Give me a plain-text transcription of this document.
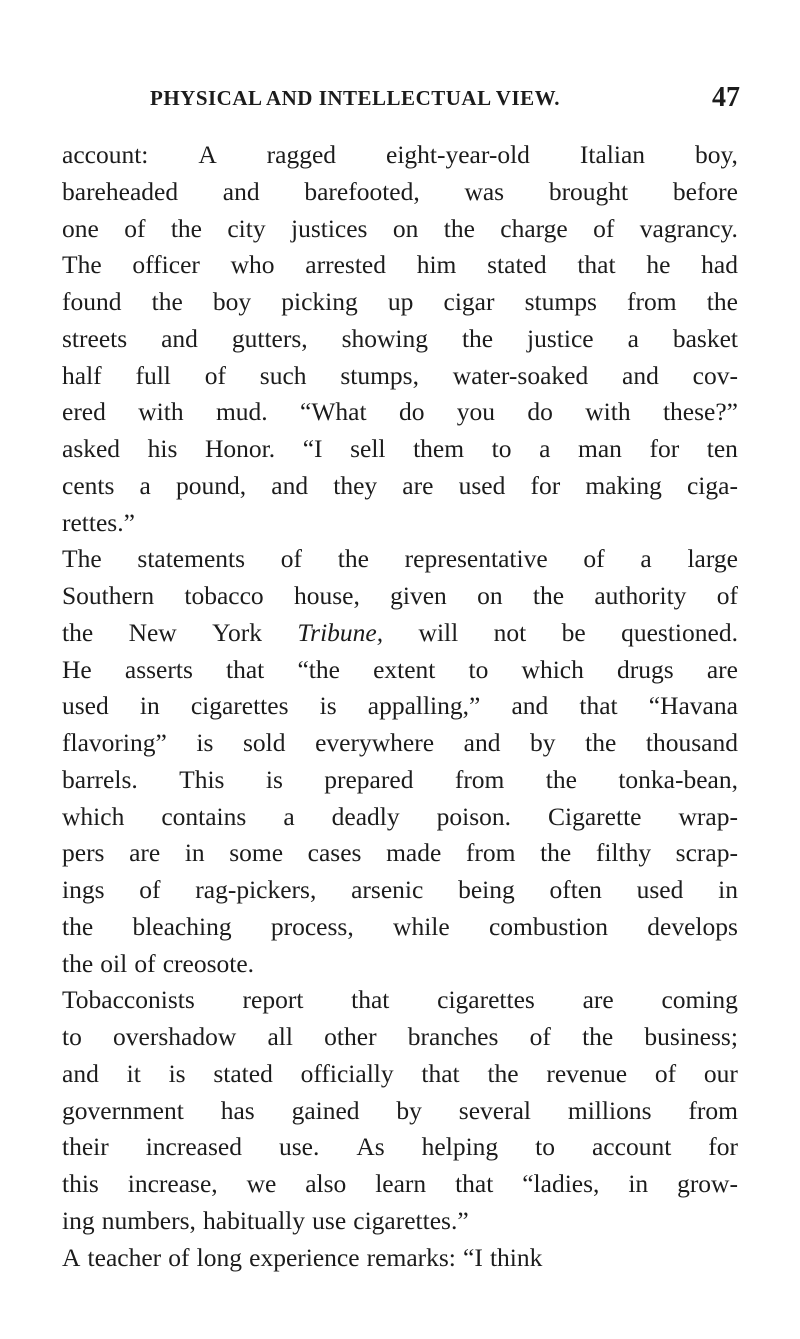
PHYSICAL AND INTELLECTUAL VIEW.	47
account: A ragged eight-year-old Italian boy,
bareheaded and barefooted, was brought before
one of the city justices on the charge of vagrancy.
The officer who arrested him stated that he had
found the boy picking up cigar stumps from the
streets and gutters, showing the justice a basket
half full of such stumps, water-soaked and cov-
ered with mud. “What do you do with these?”
asked his Honor. “I sell them to a man for ten
cents a pound, and they are used for making ciga-
rettes.”
The statements of the representative of a large
Southern tobacco house, given on the authority of
the New York Tribune, will not be questioned.
He asserts that “the extent to which drugs are
used in cigarettes is appalling,” and that “Havana
flavoring” is sold everywhere and by the thousand
barrels. This is prepared from the tonka-bean,
which contains a deadly poison. Cigarette wrap-
pers are in some cases made from the filthy scrap-
ings of rag-pickers, arsenic being often used in
the bleaching process, while combustion develops
the oil of creosote.
Tobacconists report that cigarettes are coming
to overshadow all other branches of the business;
and it is stated officially that the revenue of our
government has gained by several millions from
their increased use. As helping to account for
this increase, we also learn that “ladies, in grow-
ing numbers, habitually use cigarettes.”
A teacher of long experience remarks: “I think
